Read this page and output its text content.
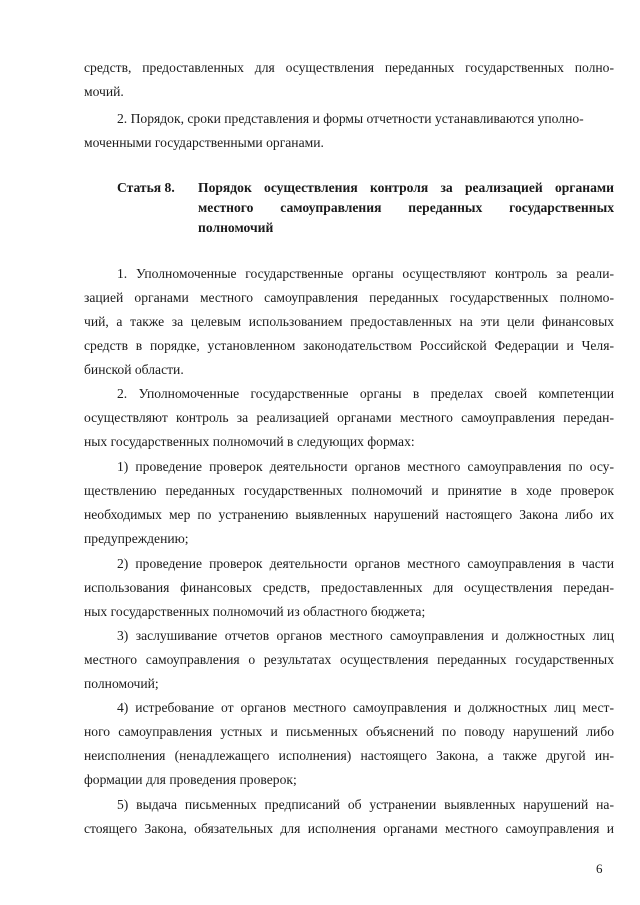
средств, предоставленных для осуществления переданных государственных полно-
мочий.
2. Порядок, сроки представления и формы отчетности устанавливаются уполно-
моченными государственными органами.
Статья 8. Порядок осуществления контроля за реализацией органами
местного самоуправления переданных государственных
полномочий
1. Уполномоченные государственные органы осуществляют контроль за реали-
зацией органами местного самоуправления переданных государственных полномо-
чий, а также за целевым использованием предоставленных на эти цели финансовых
средств в порядке, установленном законодательством Российской Федерации и Челя-
бинской области.
2. Уполномоченные государственные органы в пределах своей компетенции
осуществляют контроль за реализацией органами местного самоуправления передан-
ных государственных полномочий в следующих формах:
1) проведение проверок деятельности органов местного самоуправления по осу-
ществлению переданных государственных полномочий и принятие в ходе проверок
необходимых мер по устранению выявленных нарушений настоящего Закона либо их
предупреждению;
2) проведение проверок деятельности органов местного самоуправления в части
использования финансовых средств, предоставленных для осуществления передан-
ных государственных полномочий из областного бюджета;
3) заслушивание отчетов органов местного самоуправления и должностных лиц
местного самоуправления о результатах осуществления переданных государственных
полномочий;
4) истребование от органов местного самоуправления и должностных лиц мест-
ного самоуправления устных и письменных объяснений по поводу нарушений либо
неисполнения (ненадлежащего исполнения) настоящего Закона, а также другой ин-
формации для проведения проверок;
5) выдача письменных предписаний об устранении выявленных нарушений на-
стоящего Закона, обязательных для исполнения органами местного самоуправления и
6
